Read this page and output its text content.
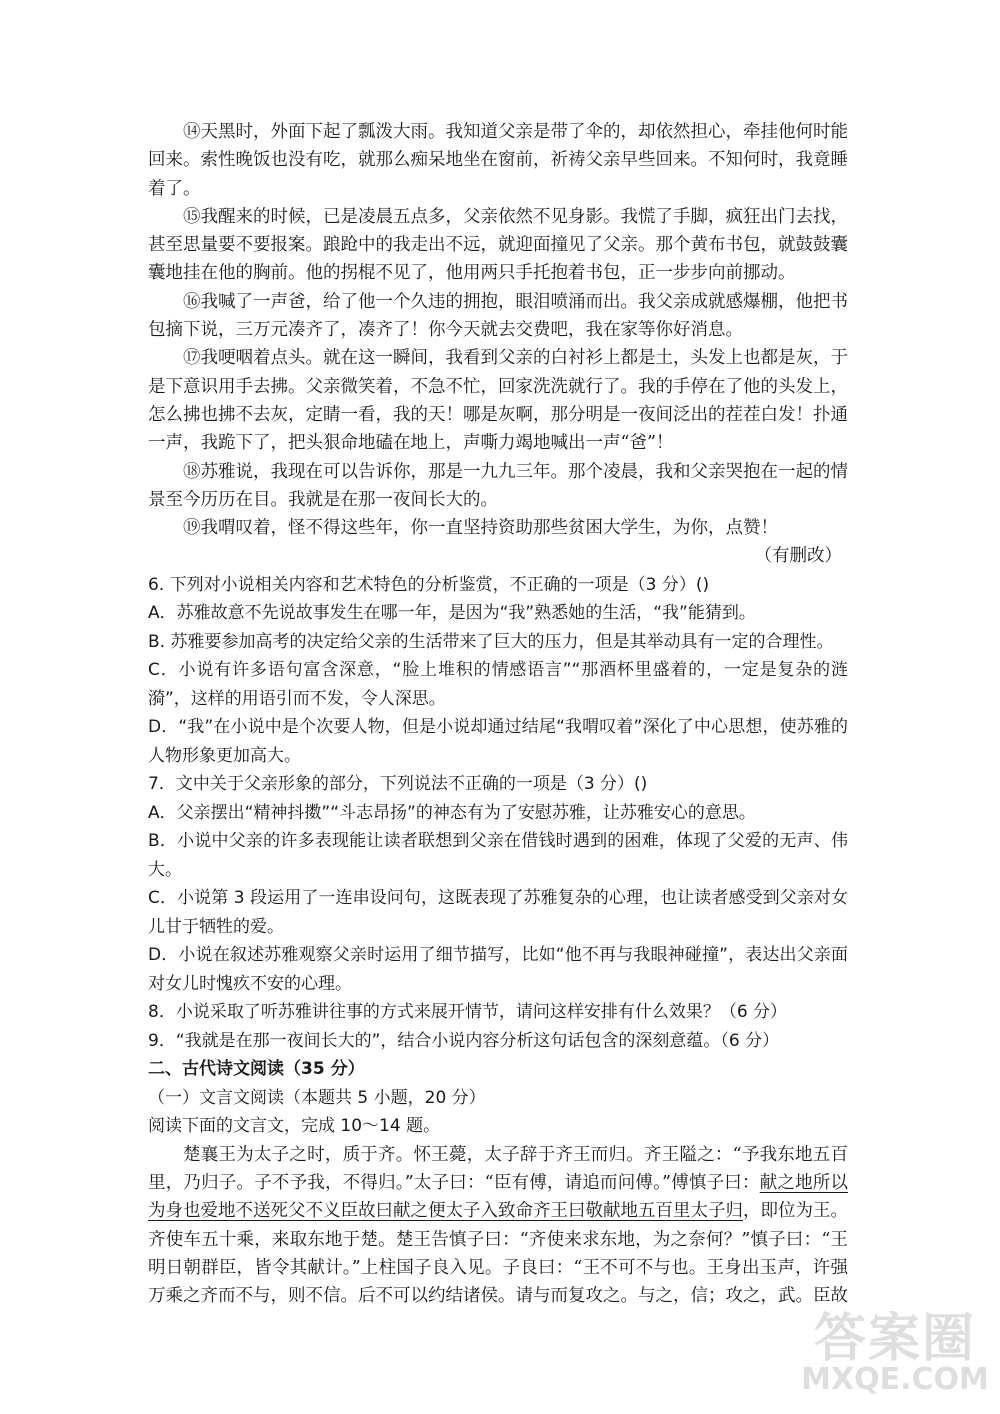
⑭天黑时，外面下起了瓢泼大雨。我知道父亲是带了伞的，却依然担心，牵挂他何时能回来。索性晚饭也没有吃，就那么痴呆地坐在窗前，祈祷父亲早些回来。不知何时，我竟睡着了。

⑮我醒来的时候，已是凌晨五点多，父亲依然不见身影。我慌了手脚，疯狂出门去找，甚至思量要不要报案。踉跄中的我走出不远，就迎面撞见了父亲。那个黄布书包，就鼓鼓囊囊地挂在他的胸前。他的拐棍不见了，他用两只手托抱着书包，正一步步向前挪动。

⑯我喊了一声爸，给了他一个久违的拥抱，眼泪喷涌而出。我父亲成就感爆棚，他把书包摘下说，三万元凑齐了，凑齐了！你今天就去交费吧，我在家等你好消息。

⑰我哽咽着点头。就在这一瞬间，我看到父亲的白衬衫上都是土，头发上也都是灰，于是下意识用手去拂。父亲微笑着，不急不忙，回家洗洗就行了。我的手停在了他的头发上，怎么拂也拂不去灰，定睛一看，我的天！哪是灰啊，那分明是一夜间泛出的茬茬白发！扑通一声，我跪下了，把头狠命地磕在地上，声嘶力竭地喊出一声“爸”！

⑱苏雅说，我现在可以告诉你，那是一九九三年。那个凌晨，我和父亲哭抱在一起的情景至今历历在目。我就是在那一夜间长大的。

⑲我喟叹着，怪不得这些年，你一直坚持资助那些贫困大学生，为你，点赞！

（有删改）

6. 下列对小说相关内容和艺术特色的分析鉴赏，不正确的一项是（3 分）()

A．苏雅故意不先说故事发生在哪一年，是因为“我”熟悉她的生活，“我”能猜到。

B. 苏雅要参加高考的决定给父亲的生活带来了巨大的压力，但是其举动具有一定的合理性。

C．小说有许多语句富含深意，“脸上堆积的情感语言”“那酒杯里盛着的，一定是复杂的涟漪”，这样的用语引而不发，令人深思。

D．“我”在小说中是个次要人物，但是小说却通过结尾“我喟叹着”深化了中心思想，使苏雅的人物形象更加高大。

7．文中关于父亲形象的部分，下列说法不正确的一项是（3 分）()

A．父亲摆出“精神抖擞”“斗志昂扬”的神态有为了安慰苏雅，让苏雅安心的意思。

B．小说中父亲的许多表现能让读者联想到父亲在借钱时遇到的困难，体现了父爱的无声、伟大。

C．小说第 3 段运用了一连串设问句，这既表现了苏雅复杂的心理，也让读者感受到父亲对女儿甘于牺牲的爱。

D．小说在叙述苏雅观察父亲时运用了细节描写，比如“他不再与我眼神碰撞”，表达出父亲面对女儿时愧疚不安的心理。

8．小说采取了听苏雅讲往事的方式来展开情节，请问这样安排有什么效果？（6 分）

9．“我就是在那一夜间长大的”，结合小说内容分析这句话包含的深刻意蕴。（6 分）

二、古代诗文阅读（35 分）

（一）文言文阅读（本题共 5 小题，20 分）

阅读下面的文言文，完成 10～14 题。

楚襄王为太子之时，质于齐。怀王薨，太子辞于齐王而归。齐王隘之：“予我东地五百里，乃归子。子不予我，不得归。”太子曰：“臣有傅，请追而问傅。”傅慎子曰：献之地所以为身也爱地不送死父不义臣故曰献之便太子入致命齐王曰敬献地五百里太子归，即位为王。齐使车五十乘，来取东地于楚。楚王告慎子曰：“齐使来求东地，为之奈何？”慎子曰：“王明日朝群臣，皆令其献计。”上柱国子良入见。子良曰：“王不可不与也。王身出玉声，许强万乘之齐而不与，则不信。后不可以约结诸侯。请与而复攻之。与之，信；攻之，武。臣故

答案圈
MXQE.COM
